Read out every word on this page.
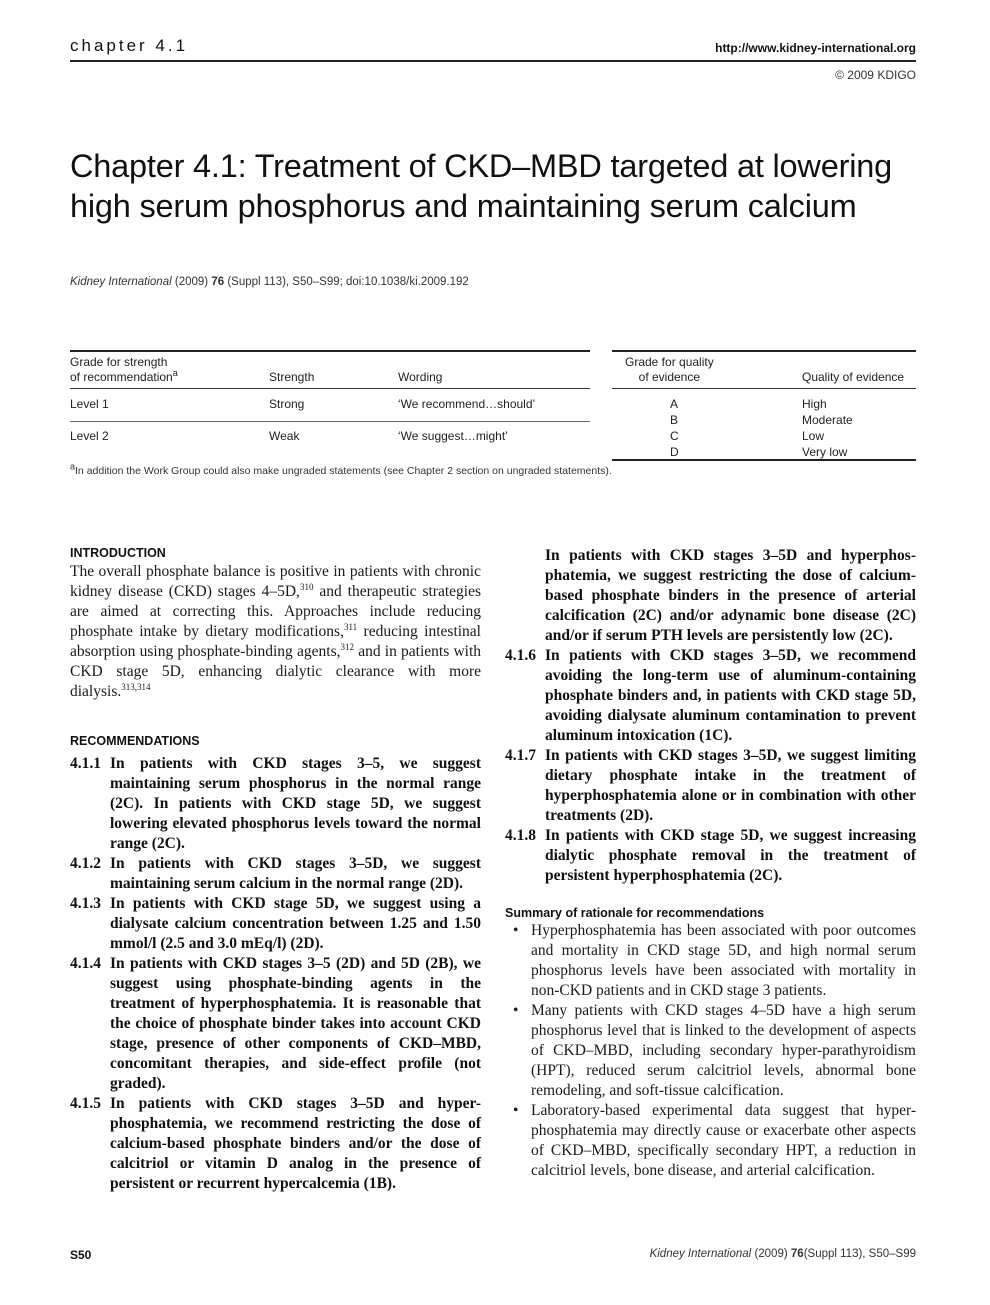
chapter 4.1	http://www.kidney-international.org
© 2009 KDIGO
Chapter 4.1: Treatment of CKD–MBD targeted at lowering high serum phosphorus and maintaining serum calcium
Kidney International (2009) 76 (Suppl 113), S50–S99; doi:10.1038/ki.2009.192
Grade for strength
of recommendation$^a$	Strength	Wording
Level 1	Strong	‘We recommend…should’
Level 2	Weak	‘We suggest…might’
Grade for quality
of evidence	Quality of evidence
A	High
B	Moderate
C	Low
D	Very low
$^a$In addition the Work Group could also make ungraded statements (see Chapter 2 section on ungraded statements).
INTRODUCTION

The overall phosphate balance is positive in patients with chronic kidney disease (CKD) stages 4–5D,$^{310}$ and therapeutic strategies are aimed at correcting this. Approaches include reducing phosphate intake by dietary modifications,$^{311}$ reducing intestinal absorption using phosphate-binding agents,$^{312}$ and in patients with CKD stage 5D, enhancing dialytic clearance with more dialysis.$^{313,314}$

RECOMMENDATIONS
4.1.1 In patients with CKD stages 3–5, we suggest maintaining serum phosphorus in the normal range (2C). In patients with CKD stage 5D, we suggest lowering elevated phosphorus levels toward the normal range (2C).
4.1.2 In patients with CKD stages 3–5D, we suggest maintaining serum calcium in the normal range (2D).
4.1.3 In patients with CKD stage 5D, we suggest using a dialysate calcium concentration between 1.25 and 1.50 mmol/l (2.5 and 3.0 mEq/l) (2D).
4.1.4 In patients with CKD stages 3–5 (2D) and 5D (2B), we suggest using phosphate-binding agents in the treatment of hyperphosphatemia. It is reasonable that the choice of phosphate binder takes into account CKD stage, presence of other components of CKD–MBD, concomitant therapies, and side-effect profile (not graded).
4.1.5 In patients with CKD stages 3–5D and hyper-phosphatemia, we recommend restricting the dose of calcium-based phosphate binders and/or the dose of calcitriol or vitamin D analog in the presence of persistent or recurrent hypercalcemia (1B).
In patients with CKD stages 3–5D and hyperphos-phatemia, we suggest restricting the dose of calcium-based phosphate binders in the presence of arterial calcification (2C) and/or adynamic bone disease (2C) and/or if serum PTH levels are persistently low (2C).
4.1.6 In patients with CKD stages 3–5D, we recommend avoiding the long-term use of aluminum-containing phosphate binders and, in patients with CKD stage 5D, avoiding dialysate aluminum contamination to prevent aluminum intoxication (1C).
4.1.7 In patients with CKD stages 3–5D, we suggest limiting dietary phosphate intake in the treatment of hyperphosphatemia alone or in combination with other treatments (2D).
4.1.8 In patients with CKD stage 5D, we suggest increasing dialytic phosphate removal in the treatment of persistent hyperphosphatemia (2C).
Summary of rationale for recommendations
• Hyperphosphatemia has been associated with poor outcomes and mortality in CKD stage 5D, and high normal serum phosphorus levels have been associated with mortality in non-CKD patients and in CKD stage 3 patients.
• Many patients with CKD stages 4–5D have a high serum phosphorus level that is linked to the development of aspects of CKD–MBD, including secondary hyper-parathyroidism (HPT), reduced serum calcitriol levels, abnormal bone remodeling, and soft-tissue calcification.
• Laboratory-based experimental data suggest that hyper-phosphatemia may directly cause or exacerbate other aspects of CKD–MBD, specifically secondary HPT, a reduction in calcitriol levels, bone disease, and arterial calcification.
S50	Kidney International (2009) 76(Suppl 113), S50–S99
